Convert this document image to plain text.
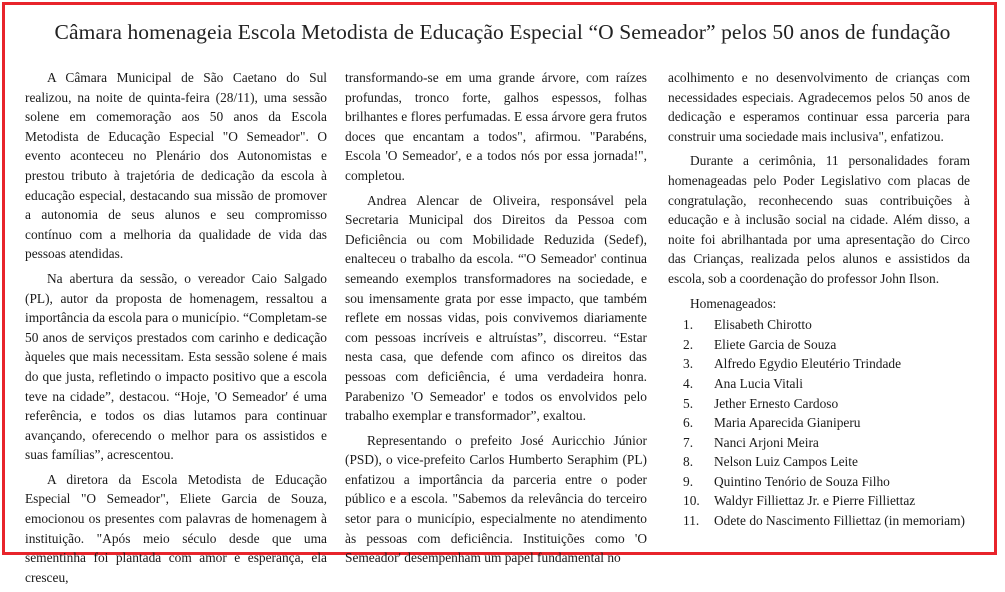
Câmara homenageia Escola Metodista de Educação Especial “O Semeador” pelos 50 anos de fundação

A Câmara Municipal de São Caetano do Sul realizou, na noite de quinta-feira (28/11), uma sessão solene em comemoração aos 50 anos da Escola Metodista de Educação Especial "O Semeador". O evento aconteceu no Plenário dos Autonomistas e prestou tributo à trajetória de dedicação da escola à educação especial, destacando sua missão de promover a autonomia de seus alunos e seu compromisso contínuo com a melhoria da qualidade de vida das pessoas atendidas.

Na abertura da sessão, o vereador Caio Salgado (PL), autor da proposta de homenagem, ressaltou a importância da escola para o município. “Completam-se 50 anos de serviços prestados com carinho e dedicação àqueles que mais necessitam. Esta sessão solene é mais do que justa, refletindo o impacto positivo que a escola teve na cidade”, destacou. “Hoje, 'O Semeador' é uma referência, e todos os dias lutamos para continuar avançando, oferecendo o melhor para os assistidos e suas famílias”, acrescentou.

A diretora da Escola Metodista de Educação Especial "O Semeador", Eliete Garcia de Souza, emocionou os presentes com palavras de homenagem à instituição. "Após meio século desde que uma sementinha foi plantada com amor e esperança, ela cresceu,

transformando-se em uma grande árvore, com raízes profundas, tronco forte, galhos espessos, folhas brilhantes e flores perfumadas. E essa árvore gera frutos doces que encantam a todos", afirmou. "Parabéns, Escola 'O Semeador', e a todos nós por essa jornada!", completou.

Andrea Alencar de Oliveira, responsável pela Secretaria Municipal dos Direitos da Pessoa com Deficiência ou com Mobilidade Reduzida (Sedef), enalteceu o trabalho da escola. “'O Semeador' continua semeando exemplos transformadores na sociedade, e sou imensamente grata por esse impacto, que também reflete em nossas vidas, pois convivemos diariamente com pessoas incríveis e altruístas”, discorreu. “Estar nesta casa, que defende com afinco os direitos das pessoas com deficiência, é uma verdadeira honra. Parabenizo 'O Semeador' e todos os envolvidos pelo trabalho exemplar e transformador”, exaltou.

Representando o prefeito José Auricchio Júnior (PSD), o vice-prefeito Carlos Humberto Seraphim (PL) enfatizou a importância da parceria entre o poder público e a escola. "Sabemos da relevância do terceiro setor para o município, especialmente no atendimento às pessoas com deficiência. Instituições como 'O Semeador' desempenham um papel fundamental no

acolhimento e no desenvolvimento de crianças com necessidades especiais. Agradecemos pelos 50 anos de dedicação e esperamos continuar essa parceria para construir uma sociedade mais inclusiva", enfatizou.

Durante a cerimônia, 11 personalidades foram homenageadas pelo Poder Legislativo com placas de congratulação, reconhecendo suas contribuições à educação e à inclusão social na cidade. Além disso, a noite foi abrilhantada por uma apresentação do Circo das Crianças, realizada pelos alunos e assistidos da escola, sob a coordenação do professor John Ilson.

Homenageados:

1.	Elisabeth Chirotto
2.	Eliete Garcia de Souza
3.	Alfredo Egydio Eleutério Trindade
4.	Ana Lucia Vitali
5.	Jether Ernesto Cardoso
6.	Maria Aparecida Gianiperu
7.	Nanci Arjoni Meira
8.	Nelson Luiz Campos Leite
9.	Quintino Tenório de Souza Filho
10.	Waldyr Filliettaz Jr. e Pierre Filliettaz
11.	Odete do Nascimento Filliettaz (in memoriam)
